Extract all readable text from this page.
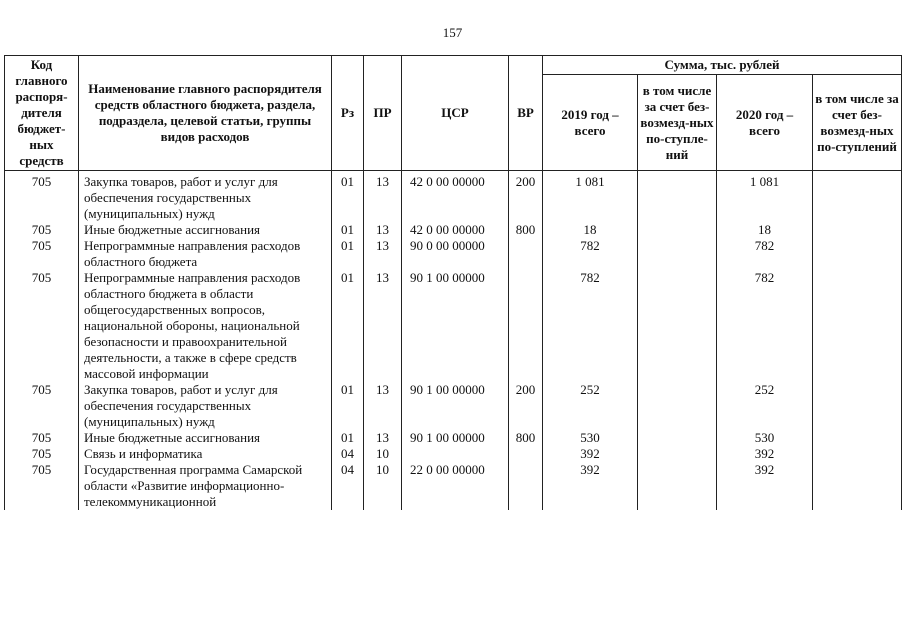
157
Код главного распоря-дителя бюджет-ных средств	Наименование главного распорядителя средств областного бюджета, раздела, подраздела, целевой статьи, группы видов расходов	Рз	ПР	ЦСР	ВР	Сумма, тыс. рублей			
						2019 год – всего	в том числе за счет без-возмезд-ных по-ступле-ний	2020 год – всего	в том числе за счет без-возмезд-ных по-ступлений
705	Закупка товаров, работ и услуг для обеспечения государственных (муниципальных) нужд	01	13	42 0 00 00000	200	1 081		1 081	
705	Иные бюджетные ассигнования	01	13	42 0 00 00000	800	18		18	
705	Непрограммные направления расходов областного бюджета	01	13	90 0 00 00000		782		782	
705	Непрограммные направления расходов областного бюджета в области общегосударственных вопросов, национальной обороны, национальной безопасности и правоохранительной деятельности, а также в сфере средств массовой информации	01	13	90 1 00 00000		782		782	
705	Закупка товаров, работ и услуг для обеспечения государственных (муниципальных) нужд	01	13	90 1 00 00000	200	252		252	
705	Иные бюджетные ассигнования	01	13	90 1 00 00000	800	530		530	
705	Связь и информатика	04	10			392		392	
705	Государственная программа Самарской области «Развитие информационно-телекоммуникационной	04	10	22 0 00 00000		392		392	
